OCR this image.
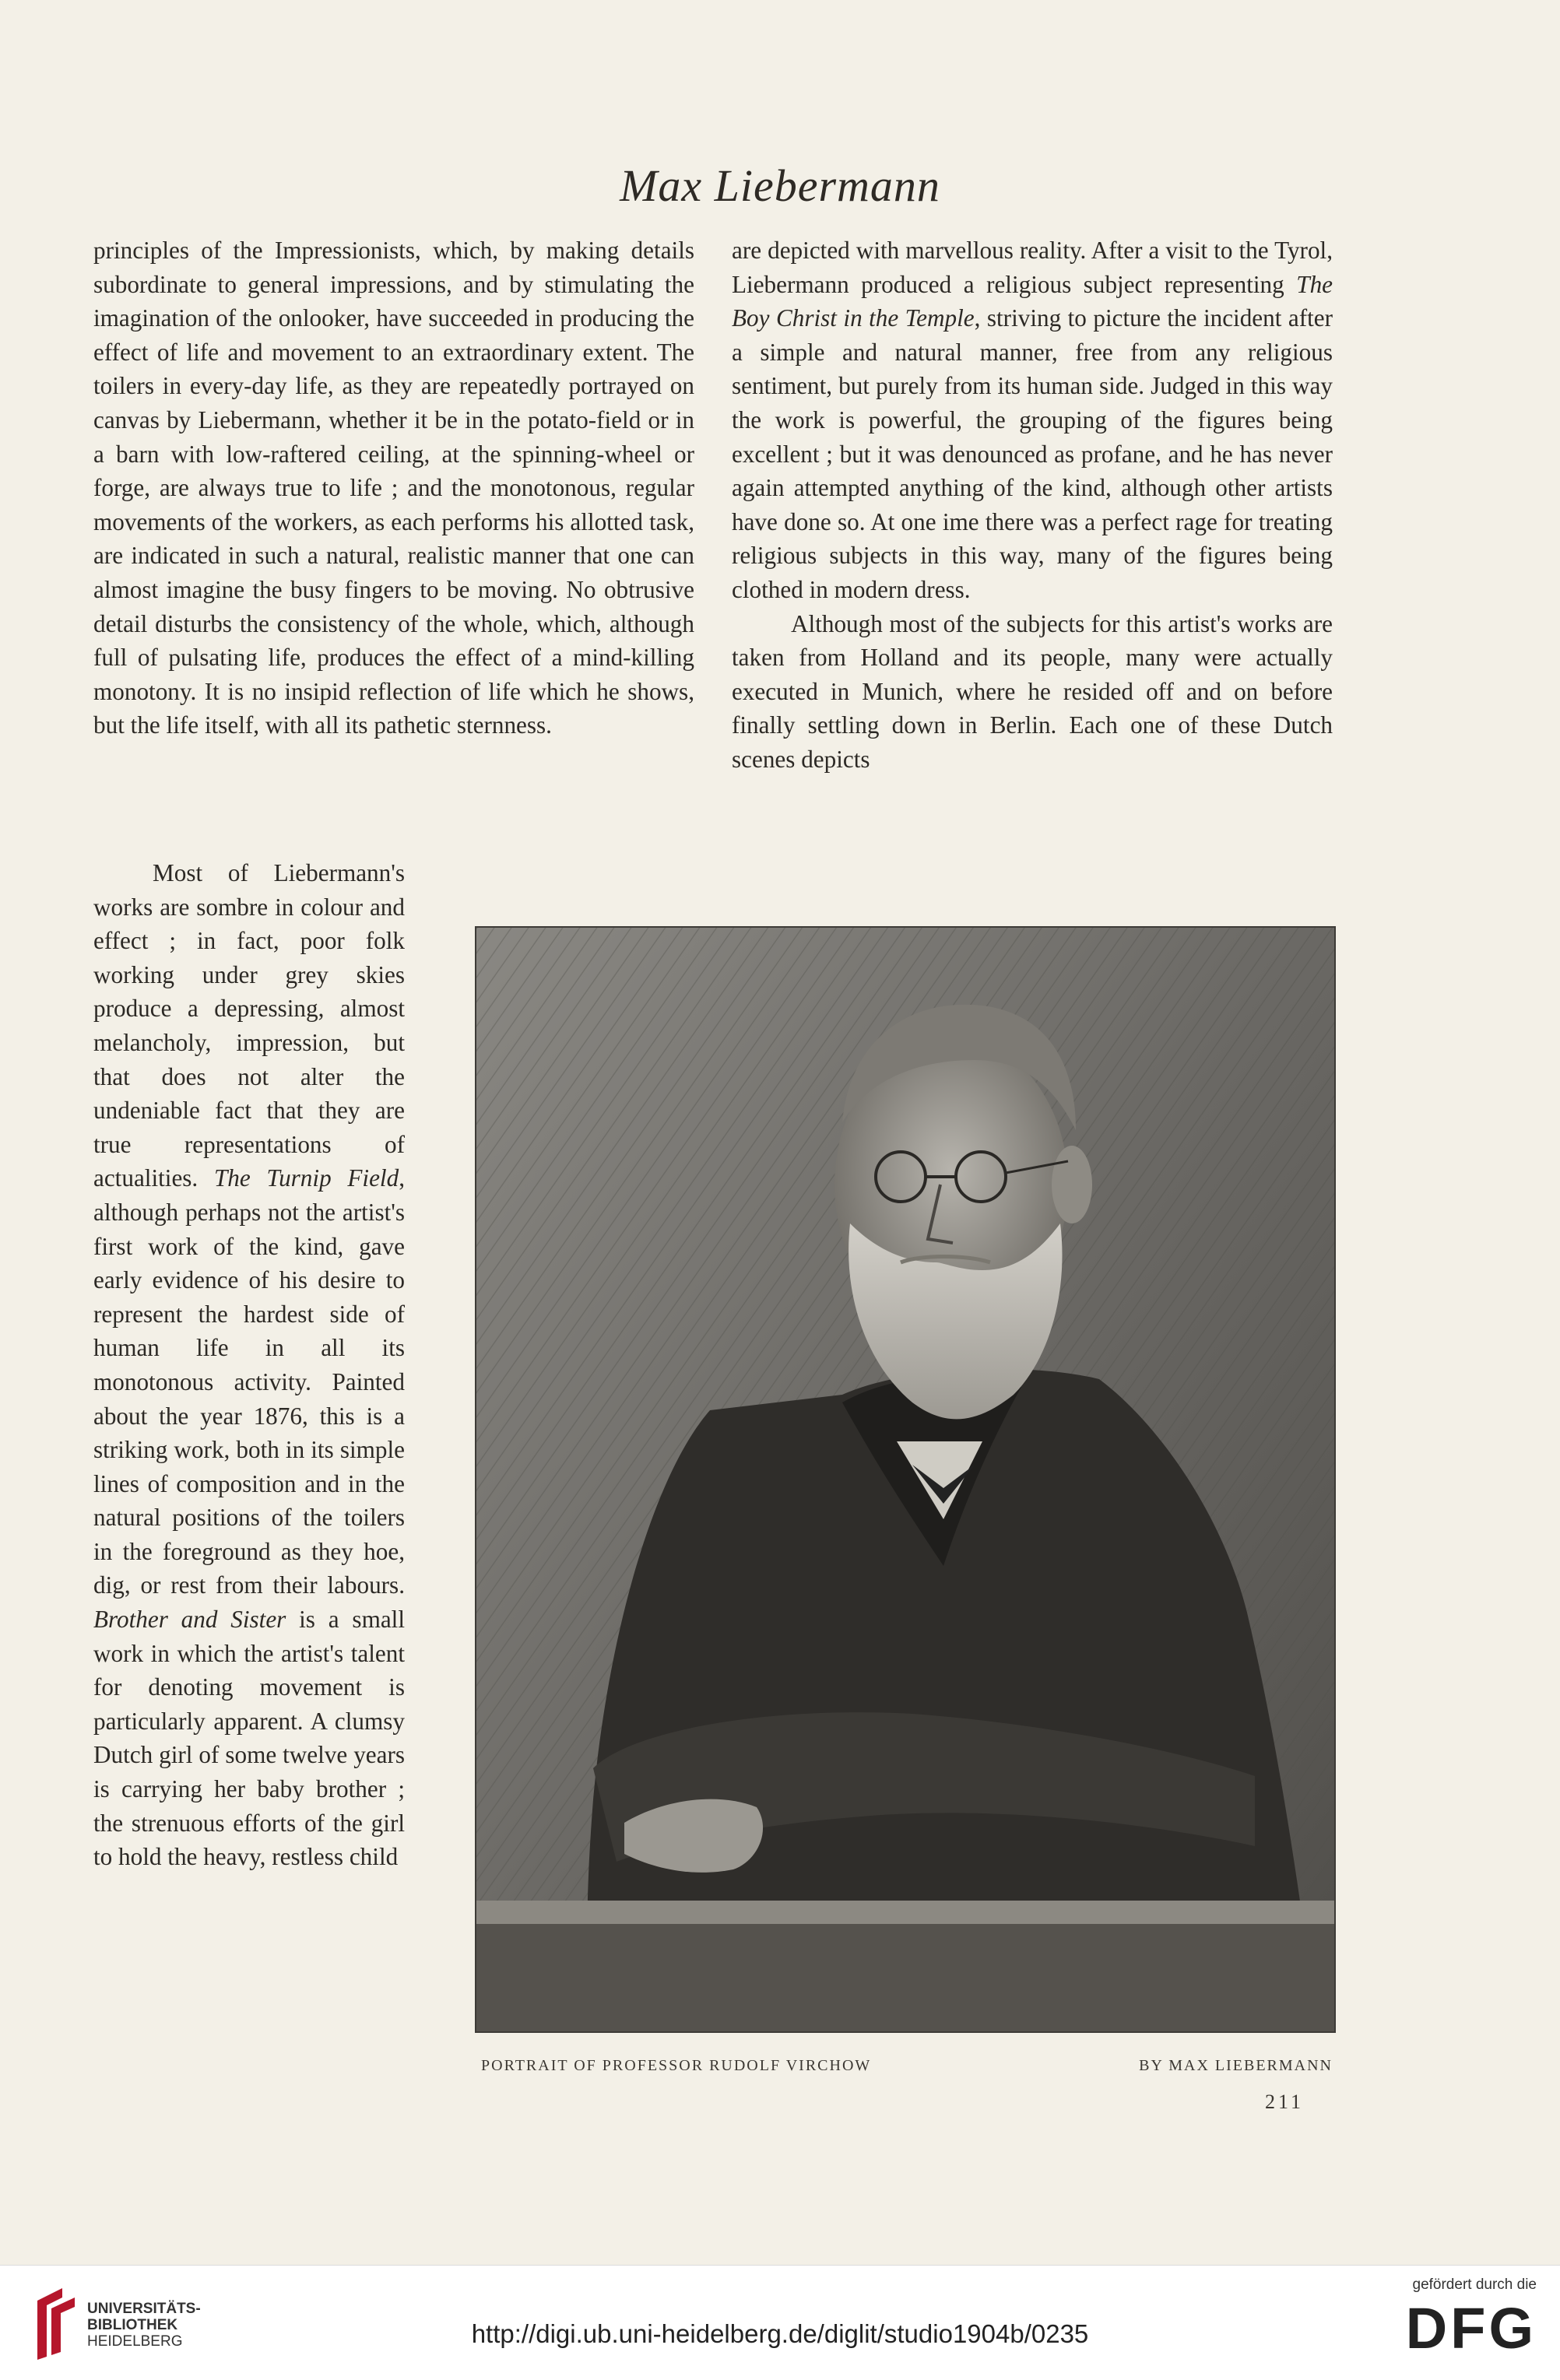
Max Liebermann

principles of the Impressionists, which, by making details subordinate to general impressions, and by stimulating the imagination of the onlooker, have succeeded in producing the effect of life and movement to an extraordinary extent. The toilers in every-day life, as they are repeatedly portrayed on canvas by Liebermann, whether it be in the potato-field or in a barn with low-raftered ceiling, at the spinning-wheel or forge, are always true to life ; and the monotonous, regular movements of the workers, as each performs his allotted task, are indicated in such a natural, realistic manner that one can almost imagine the busy fingers to be moving. No obtrusive detail disturbs the consistency of the whole, which, although full of pulsating life, produces the effect of a mind-killing monotony. It is no insipid reflection of life which he shows, but the life itself, with all its pathetic sternness.

Most of Liebermann's works are sombre in colour and effect ; in fact, poor folk working under grey skies produce a depressing, almost melancholy, impression, but that does not alter the undeniable fact that they are true representations of actualities. The Turnip Field, although perhaps not the artist's first work of the kind, gave early evidence of his desire to represent the hardest side of human life in all its monotonous activity. Painted about the year 1876, this is a striking work, both in its simple lines of composition and in the natural positions of the toilers in the foreground as they hoe, dig, or rest from their labours. Brother and Sister is a small work in which the artist's talent for denoting movement is particularly apparent. A clumsy Dutch girl of some twelve years is carrying her baby brother ; the strenuous efforts of the girl to hold the heavy, restless child

are depicted with marvellous reality. After a visit to the Tyrol, Liebermann produced a religious subject representing The Boy Christ in the Temple, striving to picture the incident after a simple and natural manner, free from any religious sentiment, but purely from its human side. Judged in this way the work is powerful, the grouping of the figures being excellent ; but it was denounced as profane, and he has never again attempted anything of the kind, although other artists have done so. At one ime there was a perfect rage for treating religious subjects in this way, many of the figures being clothed in modern dress.

Although most of the subjects for this artist's works are taken from Holland and its people, many were actually executed in Munich, where he resided off and on before finally settling down in Berlin. Each one of these Dutch scenes depicts

PORTRAIT OF PROFESSOR RUDOLF VIRCHOW	BY MAX LIEBERMANN
211
UNIVERSITÄTS-
BIBLIOTHEK
HEIDELBERG	http://digi.ub.uni-heidelberg.de/diglit/studio1904b/0235
gefördert durch die
DFG
